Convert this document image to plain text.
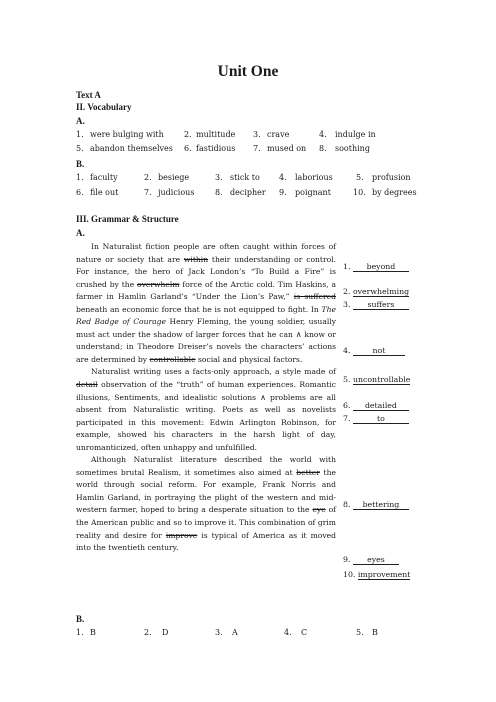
Unit One
Text A
II. Vocabulary
A.
1. were bulging with	2. multitude 3. crave	4. indulge in
5. abandon themselves 6. fastidious 7. mused on 8. soothing
B.
1. faculty	2. besiege	3. stick to 4. laborious	5. profusion
6. file out	7. judicious	8. decipher 9. poignant	10. by degrees
III. Grammar & Structure
A.

In Naturalist fiction people are often caught within forces of nature or society that are within their understanding or control. For instance, the hero of Jack London’s “To Build a Fire” is crushed by the overwhelm force of the Arctic cold. Tim Haskins, a farmer in Hamlin Garland’s “Under the Lion’s Paw,” is suffered beneath an economic force that he is not equipped to fight. In The Red Badge of Courage Henry Fleming, the young soldier, usually must act under the shadow of larger forces that he can ∧ know or understand; in Theodore Dreiser’s novels the characters’ actions are determined by controllable social and physical factors.

Naturalist writing uses a facts-only approach, a style made of detail observation of the “truth” of human experiences. Romantic illusions, Sentiments, and idealistic solutions ∧ problems are all absent from Naturalistic writing. Poets as well as novelists participated in this movement: Edwin Arlington Robinson, for example, showed his characters in the harsh light of day, unromanticized, often unhappy and unfulfilled.

Although Naturalist literature described the world with sometimes brutal Realism, it sometimes also aimed at better the world through social reform. For example, Frank Norris and Hamlin Garland, in portraying the plight of the western and mid-western farmer, hoped to bring a desperate situation to the eye of the American public and so to improve it. This combination of grim reality and desire for improve is typical of America as it moved into the twentieth century.

1. beyond
2. overwhelming
3. suffers
4.	not
5. uncontrollable
6. detailed
7.	to
8. bettering
9. eyes
10. improvement
B.
1. B	2. D	3. A	4. C	5. B
